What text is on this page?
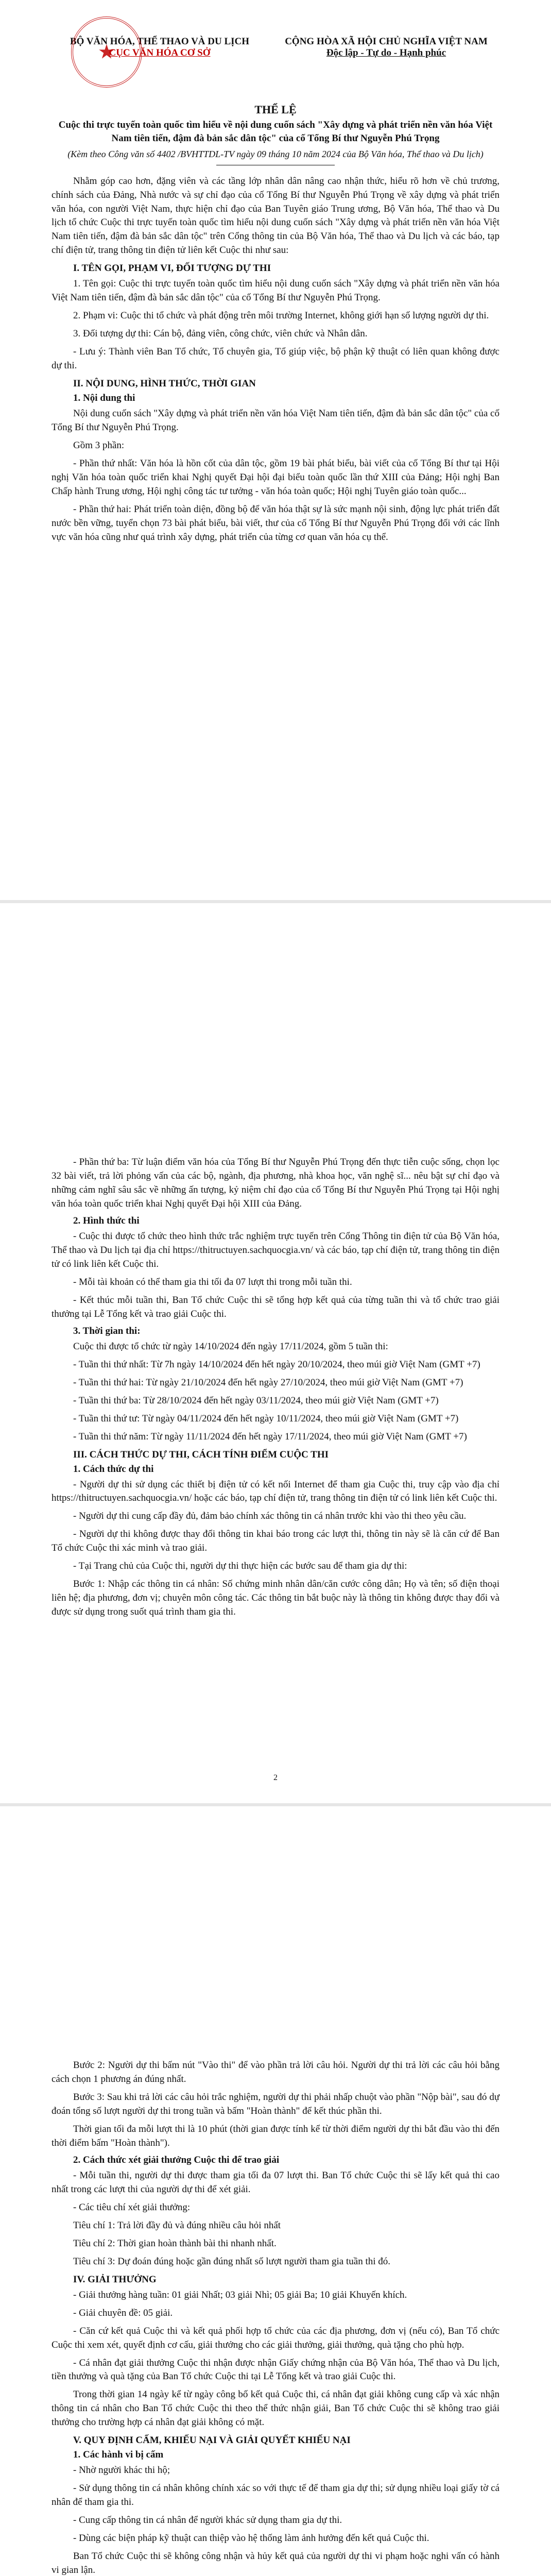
★
BỘ VĂN HÓA, THỂ THAO VÀ DU LỊCH
CỤC VĂN HÓA CƠ SỞ
CỘNG HÒA XÃ HỘI CHỦ NGHĨA VIỆT NAM
Độc lập - Tự do - Hạnh phúc
THỂ LỆ
Cuộc thi trực tuyến toàn quốc tìm hiểu về nội dung cuốn sách "Xây dựng và phát triển nền văn hóa Việt Nam tiên tiến, đậm đà bản sắc dân tộc" của cố Tổng Bí thư Nguyễn Phú Trọng
(Kèm theo Công văn số 4402 /BVHTTDL-TV ngày 09 tháng 10 năm 2024 của Bộ Văn hóa, Thể thao và Du lịch)

Nhằm góp cao hơn, đặng viên và các tầng lớp nhân dân nâng cao nhận thức, hiểu rõ hơn về chủ trương, chính sách của Đảng, Nhà nước và sự chỉ đạo của cố Tổng Bí thư Nguyễn Phú Trọng về xây dựng và phát triển văn hóa, con người Việt Nam, thực hiện chỉ đạo của Ban Tuyên giáo Trung ương, Bộ Văn hóa, Thể thao và Du lịch tổ chức Cuộc thi trực tuyến toàn quốc tìm hiểu nội dung cuốn sách "Xây dựng và phát triển nền văn hóa Việt Nam tiên tiến, đậm đà bản sắc dân tộc" trên Cổng thông tin của Bộ Văn hóa, Thể thao và Du lịch và các báo, tạp chí điện tử, trang thông tin điện tử liên kết Cuộc thi như sau:

I. TÊN GỌI, PHẠM VI, ĐỐI TƯỢNG DỰ THI

1. Tên gọi: Cuộc thi trực tuyến toàn quốc tìm hiểu nội dung cuốn sách "Xây dựng và phát triển nền văn hóa Việt Nam tiên tiến, đậm đà bản sắc dân tộc" của cố Tổng Bí thư Nguyễn Phú Trọng.

2. Phạm vi: Cuộc thi tổ chức và phát động trên môi trường Internet, không giới hạn số lượng người dự thi.

3. Đối tượng dự thi: Cán bộ, đảng viên, công chức, viên chức và Nhân dân.

- Lưu ý: Thành viên Ban Tổ chức, Tổ chuyên gia, Tổ giúp việc, bộ phận kỹ thuật có liên quan không được dự thi.

II. NỘI DUNG, HÌNH THỨC, THỜI GIAN
1. Nội dung thi

Nội dung cuốn sách "Xây dựng và phát triển nền văn hóa Việt Nam tiên tiến, đậm đà bản sắc dân tộc" của cố Tổng Bí thư Nguyễn Phú Trọng.

Gồm 3 phần:

- Phần thứ nhất: Văn hóa là hồn cốt của dân tộc, gồm 19 bài phát biểu, bài viết của cố Tổng Bí thư tại Hội nghị Văn hóa toàn quốc triển khai Nghị quyết Đại hội đại biểu toàn quốc lần thứ XIII của Đảng; Hội nghị Ban Chấp hành Trung ương, Hội nghị công tác tư tưởng - văn hóa toàn quốc; Hội nghị Tuyên giáo toàn quốc...

- Phần thứ hai: Phát triển toàn diện, đồng bộ để văn hóa thật sự là sức mạnh nội sinh, động lực phát triển đất nước bền vững, tuyển chọn 73 bài phát biểu, bài viết, thư của cố Tổng Bí thư Nguyễn Phú Trọng đối với các lĩnh vực văn hóa cũng như quá trình xây dựng, phát triển của từng cơ quan văn hóa cụ thể.

- Phần thứ ba: Từ luận điểm văn hóa của Tổng Bí thư Nguyễn Phú Trọng đến thực tiễn cuộc sống, chọn lọc 32 bài viết, trả lời phỏng vấn của các bộ, ngành, địa phương, nhà khoa học, văn nghệ sĩ... nêu bật sự chỉ đạo và những cảm nghĩ sâu sắc về những ấn tượng, kỷ niệm chỉ đạo của cố Tổng Bí thư Nguyễn Phú Trọng tại Hội nghị văn hóa toàn quốc triển khai Nghị quyết Đại hội XIII của Đảng.

2. Hình thức thi

- Cuộc thi được tổ chức theo hình thức trắc nghiệm trực tuyến trên Cổng Thông tin điện tử của Bộ Văn hóa, Thể thao và Du lịch tại địa chỉ https://thitructuyen.sachquocgia.vn/ và các báo, tạp chí điện tử, trang thông tin điện tử có link liên kết Cuộc thi.

- Mỗi tài khoản có thể tham gia thi tối đa 07 lượt thi trong mỗi tuần thi.

- Kết thúc mỗi tuần thi, Ban Tổ chức Cuộc thi sẽ tổng hợp kết quả của từng tuần thi và tổ chức trao giải thưởng tại Lễ Tổng kết và trao giải Cuộc thi.

3. Thời gian thi:

Cuộc thi được tổ chức từ ngày 14/10/2024 đến ngày 17/11/2024, gồm 5 tuần thi:

- Tuần thi thứ nhất: Từ 7h ngày 14/10/2024 đến hết ngày 20/10/2024, theo múi giờ Việt Nam (GMT +7)

- Tuần thi thứ hai: Từ ngày 21/10/2024 đến hết ngày 27/10/2024, theo múi giờ Việt Nam (GMT +7)

- Tuần thi thứ ba: Từ 28/10/2024 đến hết ngày 03/11/2024, theo múi giờ Việt Nam (GMT +7)

- Tuần thi thứ tư: Từ ngày 04/11/2024 đến hết ngày 10/11/2024, theo múi giờ Việt Nam (GMT +7)

- Tuần thi thứ năm: Từ ngày 11/11/2024 đến hết ngày 17/11/2024, theo múi giờ Việt Nam (GMT +7)

III. CÁCH THỨC DỰ THI, CÁCH TÍNH ĐIỂM CUỘC THI
1. Cách thức dự thi

- Người dự thi sử dụng các thiết bị điện tử có kết nối Internet để tham gia Cuộc thi, truy cập vào địa chỉ https://thitructuyen.sachquocgia.vn/ hoặc các báo, tạp chí điện tử, trang thông tin điện tử có link liên kết Cuộc thi.

- Người dự thi cung cấp đầy đủ, đảm bảo chính xác thông tin cá nhân trước khi vào thi theo yêu cầu.

- Người dự thi không được thay đổi thông tin khai báo trong các lượt thi, thông tin này sẽ là căn cứ để Ban Tổ chức Cuộc thi xác minh và trao giải.

- Tại Trang chủ của Cuộc thi, người dự thi thực hiện các bước sau để tham gia dự thi:

Bước 1: Nhập các thông tin cá nhân: Số chứng minh nhân dân/căn cước công dân; Họ và tên; số điện thoại liên hệ; địa phương, đơn vị; chuyên môn công tác. Các thông tin bắt buộc này là thông tin không được thay đổi và được sử dụng trong suốt quá trình tham gia thi.

2

Bước 2: Người dự thi bấm nút "Vào thi" để vào phần trả lời câu hỏi. Người dự thi trả lời các câu hỏi bằng cách chọn 1 phương án đúng nhất.

Bước 3: Sau khi trả lời các câu hỏi trắc nghiệm, người dự thi phải nhấp chuột vào phần "Nộp bài", sau đó dự đoán tổng số lượt người dự thi trong tuần và bấm "Hoàn thành" để kết thúc phần thi.

Thời gian tối đa mỗi lượt thi là 10 phút (thời gian được tính kể từ thời điểm người dự thi bắt đầu vào thi đến thời điểm bấm "Hoàn thành").

2. Cách thức xét giải thưởng Cuộc thi để trao giải

- Mỗi tuần thi, người dự thi được tham gia tối đa 07 lượt thi. Ban Tổ chức Cuộc thi sẽ lấy kết quả thi cao nhất trong các lượt thi của người dự thi để xét giải.

- Các tiêu chí xét giải thưởng:

Tiêu chí 1: Trả lời đầy đủ và đúng nhiều câu hỏi nhất

Tiêu chí 2: Thời gian hoàn thành bài thi nhanh nhất.

Tiêu chí 3: Dự đoán đúng hoặc gần đúng nhất số lượt người tham gia tuần thi đó.

IV. GIẢI THƯỞNG

- Giải thưởng hàng tuần: 01 giải Nhất; 03 giải Nhì; 05 giải Ba; 10 giải Khuyến khích.

- Giải chuyên đề: 05 giải.

- Căn cứ kết quả Cuộc thi và kết quả phối hợp tổ chức của các địa phương, đơn vị (nếu có), Ban Tổ chức Cuộc thi xem xét, quyết định cơ cấu, giải thưởng cho các giải thưởng, giải thưởng, quà tặng cho phù hợp.

- Cá nhân đạt giải thưởng Cuộc thi nhận được nhận Giấy chứng nhận của Bộ Văn hóa, Thể thao và Du lịch, tiền thưởng và quà tặng của Ban Tổ chức Cuộc thi tại Lễ Tổng kết và trao giải Cuộc thi.

Trong thời gian 14 ngày kể từ ngày công bố kết quả Cuộc thi, cá nhân đạt giải không cung cấp và xác nhận thông tin cá nhân cho Ban Tổ chức Cuộc thi theo thể thức nhận giải, Ban Tổ chức Cuộc thi sẽ không trao giải thưởng cho trường hợp cá nhân đạt giải không có mặt.

V. QUY ĐỊNH CẤM, KHIẾU NẠI VÀ GIẢI QUYẾT KHIẾU NẠI
1. Các hành vi bị cấm

- Nhờ người khác thi hộ;

- Sử dụng thông tin cá nhân không chính xác so với thực tế để tham gia dự thi; sử dụng nhiều loại giấy tờ cá nhân để tham gia thi.

- Cung cấp thông tin cá nhân để người khác sử dụng tham gia dự thi.

- Dùng các biện pháp kỹ thuật can thiệp vào hệ thống làm ảnh hưởng đến kết quả Cuộc thi.

Ban Tổ chức Cuộc thi sẽ không công nhận và hủy kết quả của người dự thi vi phạm hoặc nghi vấn có hành vi gian lận.
